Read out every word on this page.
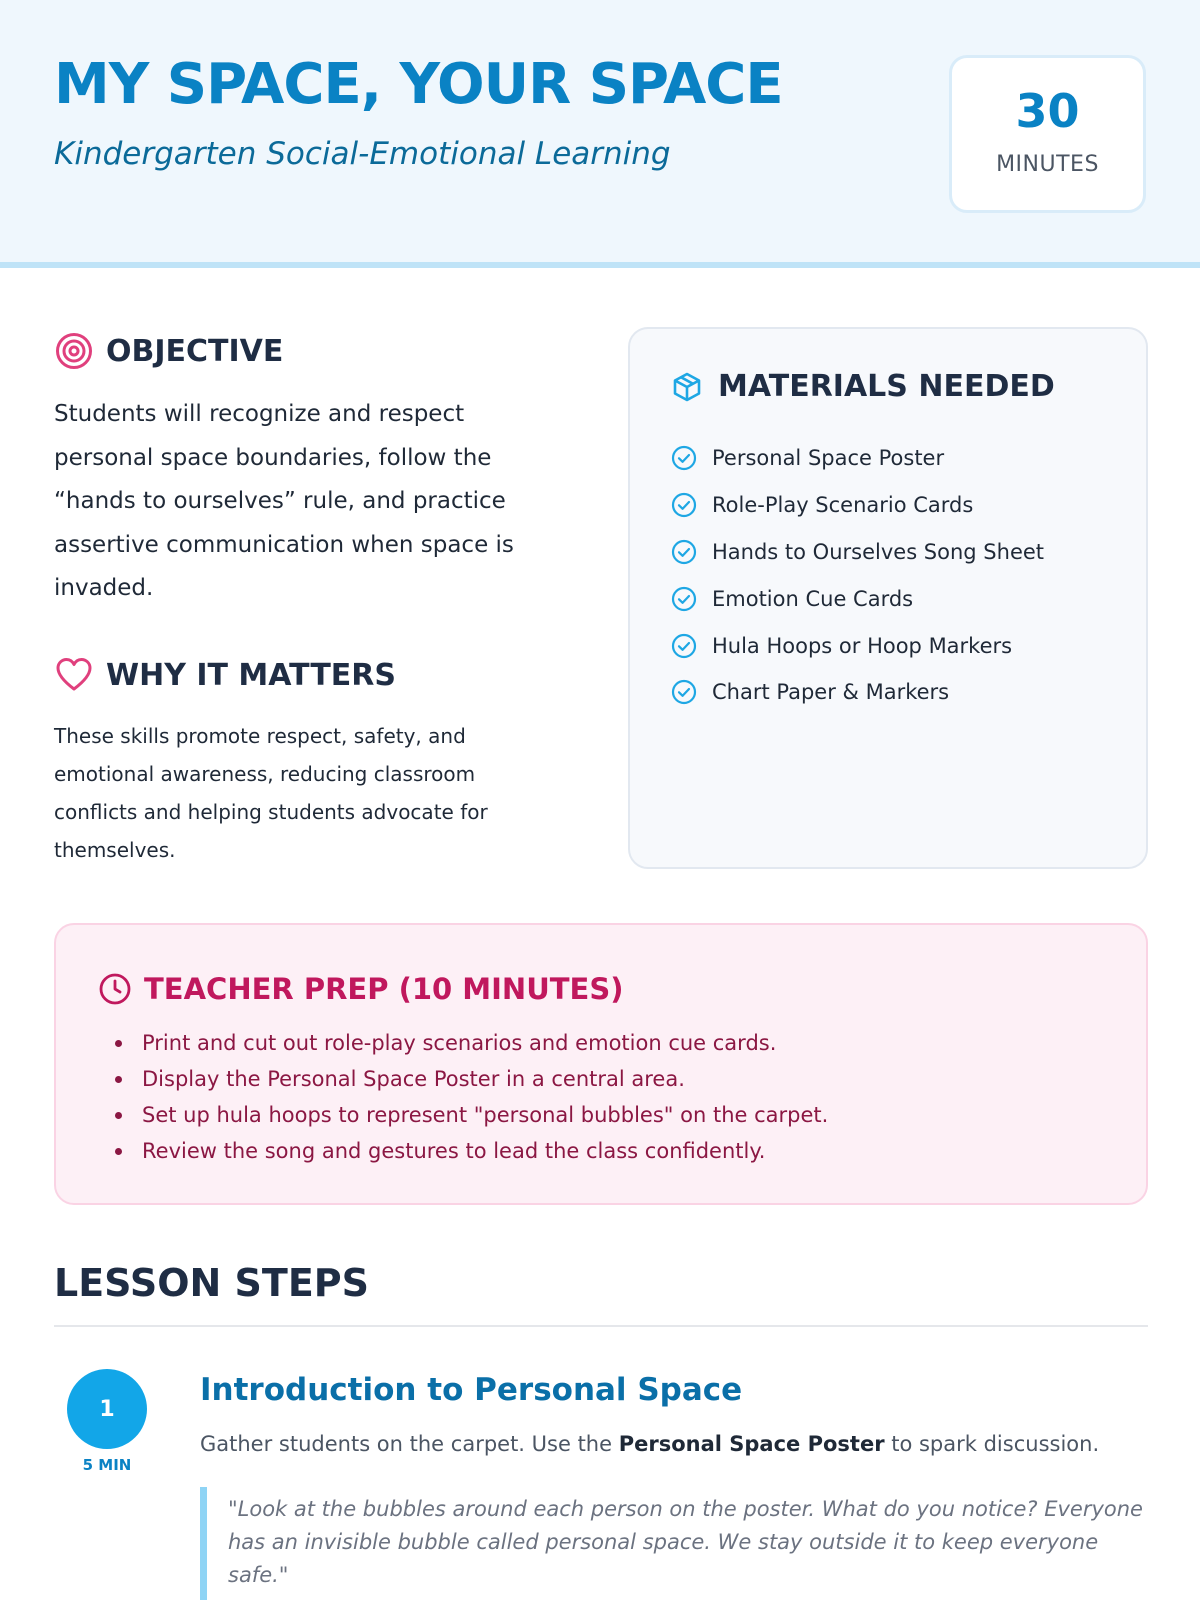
MY SPACE, YOUR SPACE
Kindergarten Social-Emotional Learning
30
MINUTES
OBJECTIVE

Students will recognize and respect personal space boundaries, follow the “hands to ourselves” rule, and practice assertive communication when space is invaded.

WHY IT MATTERS

These skills promote respect, safety, and emotional awareness, reducing classroom conflicts and helping students advocate for themselves.

MATERIALS NEEDED
Personal Space Poster
Role-Play Scenario Cards
Hands to Ourselves Song Sheet
Emotion Cue Cards
Hula Hoops or Hoop Markers
Chart Paper & Markers
TEACHER PREP (10 MINUTES)
Print and cut out role-play scenarios and emotion cue cards.
Display the Personal Space Poster in a central area.
Set up hula hoops to represent "personal bubbles" on the carpet.
Review the song and gestures to lead the class confidently.
LESSON STEPS
1
5 MIN
Introduction to Personal Space

Gather students on the carpet. Use the Personal Space Poster to spark discussion.

"Look at the bubbles around each person on the poster. What do you notice? Everyone has an invisible bubble called personal space. We stay outside it to keep everyone safe."
